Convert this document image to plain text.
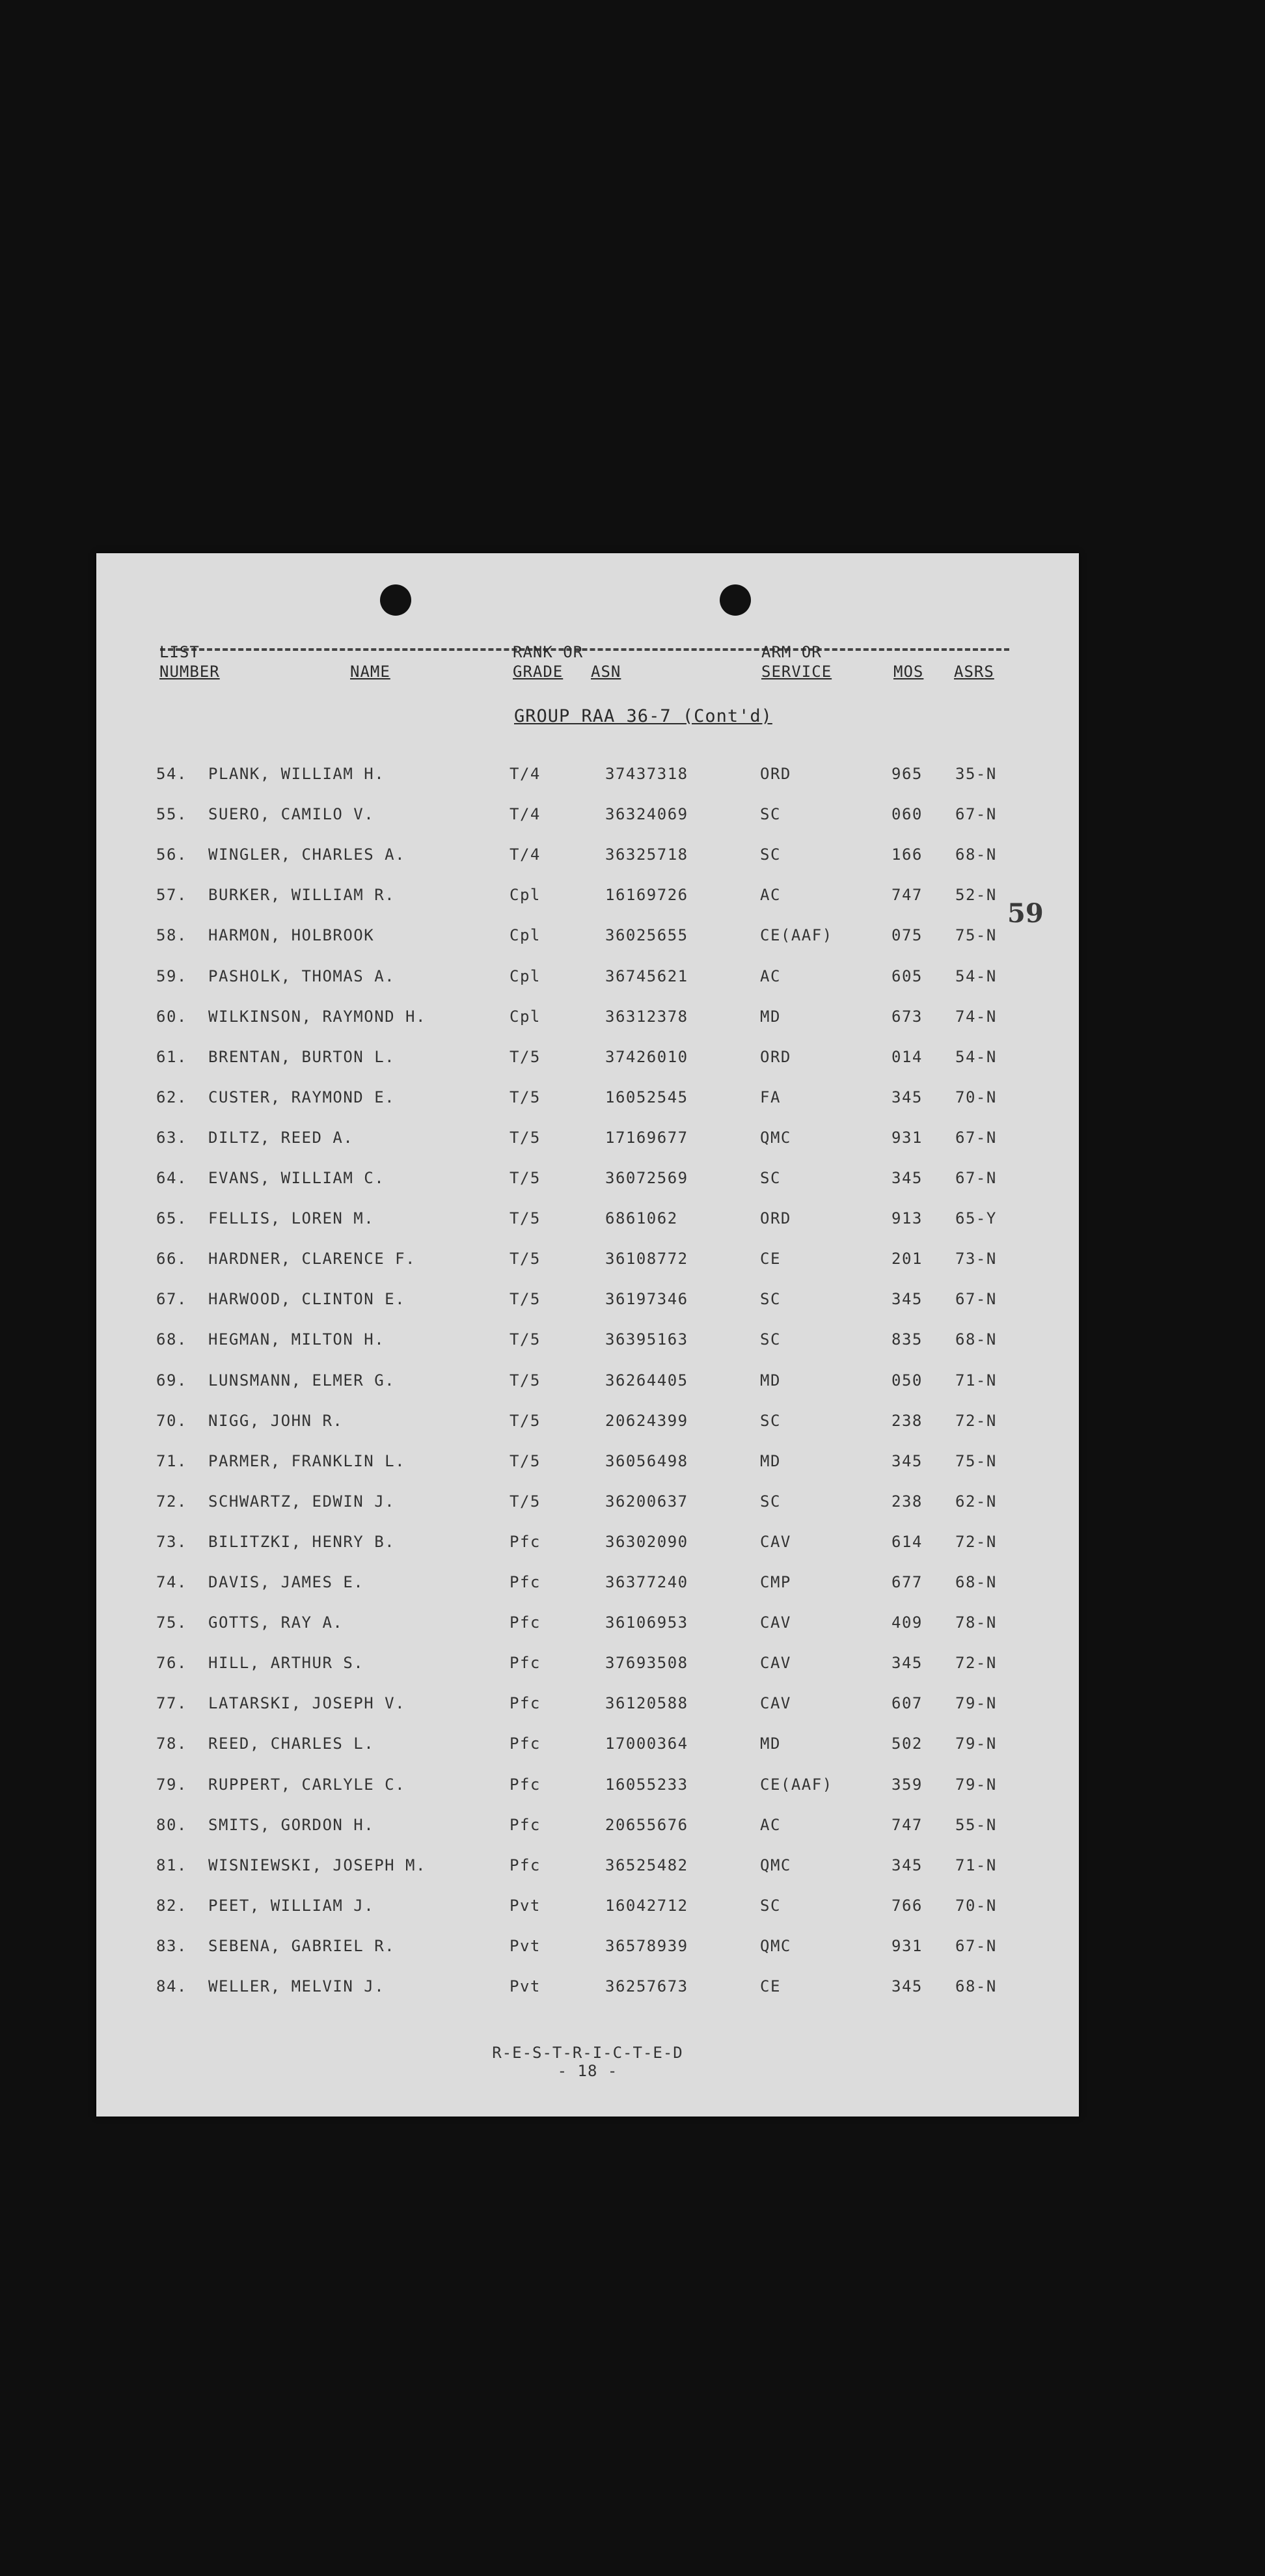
LIST
NUMBER	NAME
RANK OR
GRADE ASN
ARM OR
SERVICE	MOS ASRS
GROUP RAA 36-7 (Cont'd)
59
54. PLANK, WILLIAM H.	T/4	37437318	ORD	965 35-N
55. SUERO, CAMILO V.	T/4	36324069	SC	060 67-N
56. WINGLER, CHARLES A.	T/4	36325718	SC	166 68-N
57. BURKER, WILLIAM R.	Cpl	16169726	AC	747 52-N
58. HARMON, HOLBROOK	Cpl	36025655	CE(AAF)	075 75-N
59. PASHOLK, THOMAS A.	Cpl	36745621	AC	605 54-N
60. WILKINSON, RAYMOND H.	Cpl	36312378	MD	673 74-N
61. BRENTAN, BURTON L.	T/5	37426010	ORD	014 54-N
62. CUSTER, RAYMOND E.	T/5	16052545	FA	345 70-N
63. DILTZ, REED A.	T/5	17169677	QMC	931 67-N
64. EVANS, WILLIAM C.	T/5	36072569	SC	345 67-N
65. FELLIS, LOREN M.	T/5	6861062	ORD	913 65-Y
66. HARDNER, CLARENCE F.	T/5	36108772	CE	201 73-N
67. HARWOOD, CLINTON E.	T/5	36197346	SC	345 67-N
68. HEGMAN, MILTON H.	T/5	36395163	SC	835 68-N
69. LUNSMANN, ELMER G.	T/5	36264405	MD	050 71-N
70. NIGG, JOHN R.	T/5	20624399	SC	238 72-N
71. PARMER, FRANKLIN L.	T/5	36056498	MD	345 75-N
72. SCHWARTZ, EDWIN J.	T/5	36200637	SC	238 62-N
73. BILITZKI, HENRY B.	Pfc	36302090	CAV	614 72-N
74. DAVIS, JAMES E.	Pfc	36377240	CMP	677 68-N
75. GOTTS, RAY A.	Pfc	36106953	CAV	409 78-N
76. HILL, ARTHUR S.	Pfc	37693508	CAV	345 72-N
77. LATARSKI, JOSEPH V.	Pfc	36120588	CAV	607 79-N
78. REED, CHARLES L.	Pfc	17000364	MD	502 79-N
79. RUPPERT, CARLYLE C.	Pfc	16055233	CE(AAF)	359 79-N
80. SMITS, GORDON H.	Pfc	20655676	AC	747 55-N
81. WISNIEWSKI, JOSEPH M.	Pfc	36525482	QMC	345 71-N
82. PEET, WILLIAM J.	Pvt	16042712	SC	766 70-N
83. SEBENA, GABRIEL R.	Pvt	36578939	QMC	931 67-N
84. WELLER, MELVIN J.	Pvt	36257673	CE	345 68-N
R-E-S-T-R-I-C-T-E-D
- 18 -
